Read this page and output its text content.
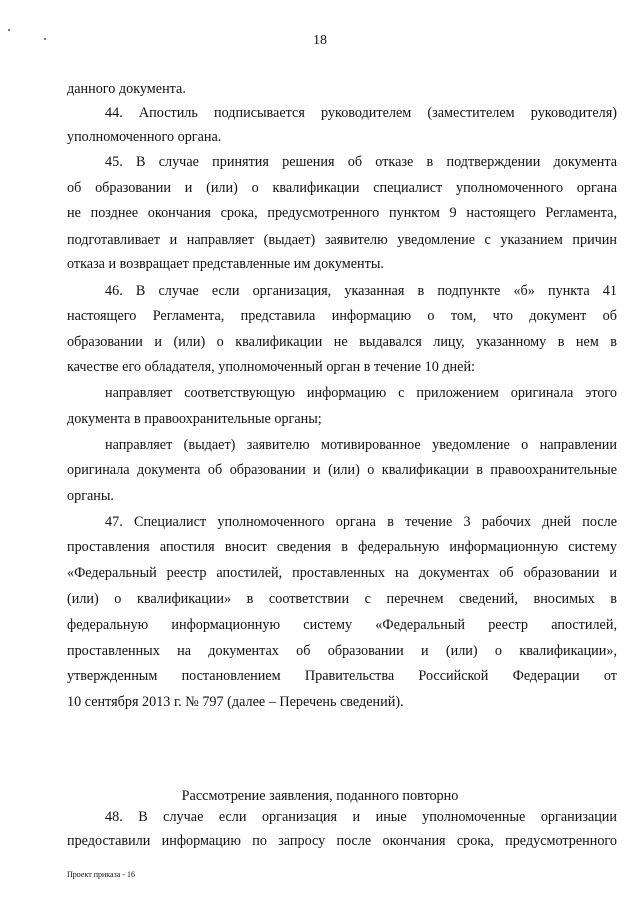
18
данного документа.
44. Апостиль подписывается руководителем (заместителем руководителя)
уполномоченного органа.
45. В случае принятия решения об отказе в подтверждении документа
об образовании и (или) о квалификации специалист уполномоченного органа
не позднее окончания срока, предусмотренного пунктом 9 настоящего Регламента,
подготавливает и направляет (выдает) заявителю уведомление с указанием причин
отказа и возвращает представленные им документы.
46. В случае если организация, указанная в подпункте «б» пункта 41
настоящего Регламента, представила информацию о том, что документ об
образовании и (или) о квалификации не выдавался лицу, указанному в нем в
качестве его обладателя, уполномоченный орган в течение 10 дней:
направляет соответствующую информацию с приложением оригинала этого
документа в правоохранительные органы;
направляет (выдает) заявителю мотивированное уведомление о направлении
оригинала документа об образовании и (или) о квалификации в правоохранительные
органы.
47. Специалист уполномоченного органа в течение 3 рабочих дней после
проставления апостиля вносит сведения в федеральную информационную систему
«Федеральный реестр апостилей, проставленных на документах об образовании и
(или) о квалификации» в соответствии с перечнем сведений, вносимых в
федеральную информационную систему «Федеральный реестр апостилей,
проставленных на документах об образовании и (или) о квалификации»,
утвержденным постановлением Правительства Российской Федерации от
10 сентября 2013 г. № 797 (далее – Перечень сведений).
48. В случае если организация и иные уполномоченные организации
предоставили информацию по запросу после окончания срока, предусмотренного
Рассмотрение заявления, поданного повторно
Проект приказа - 16
